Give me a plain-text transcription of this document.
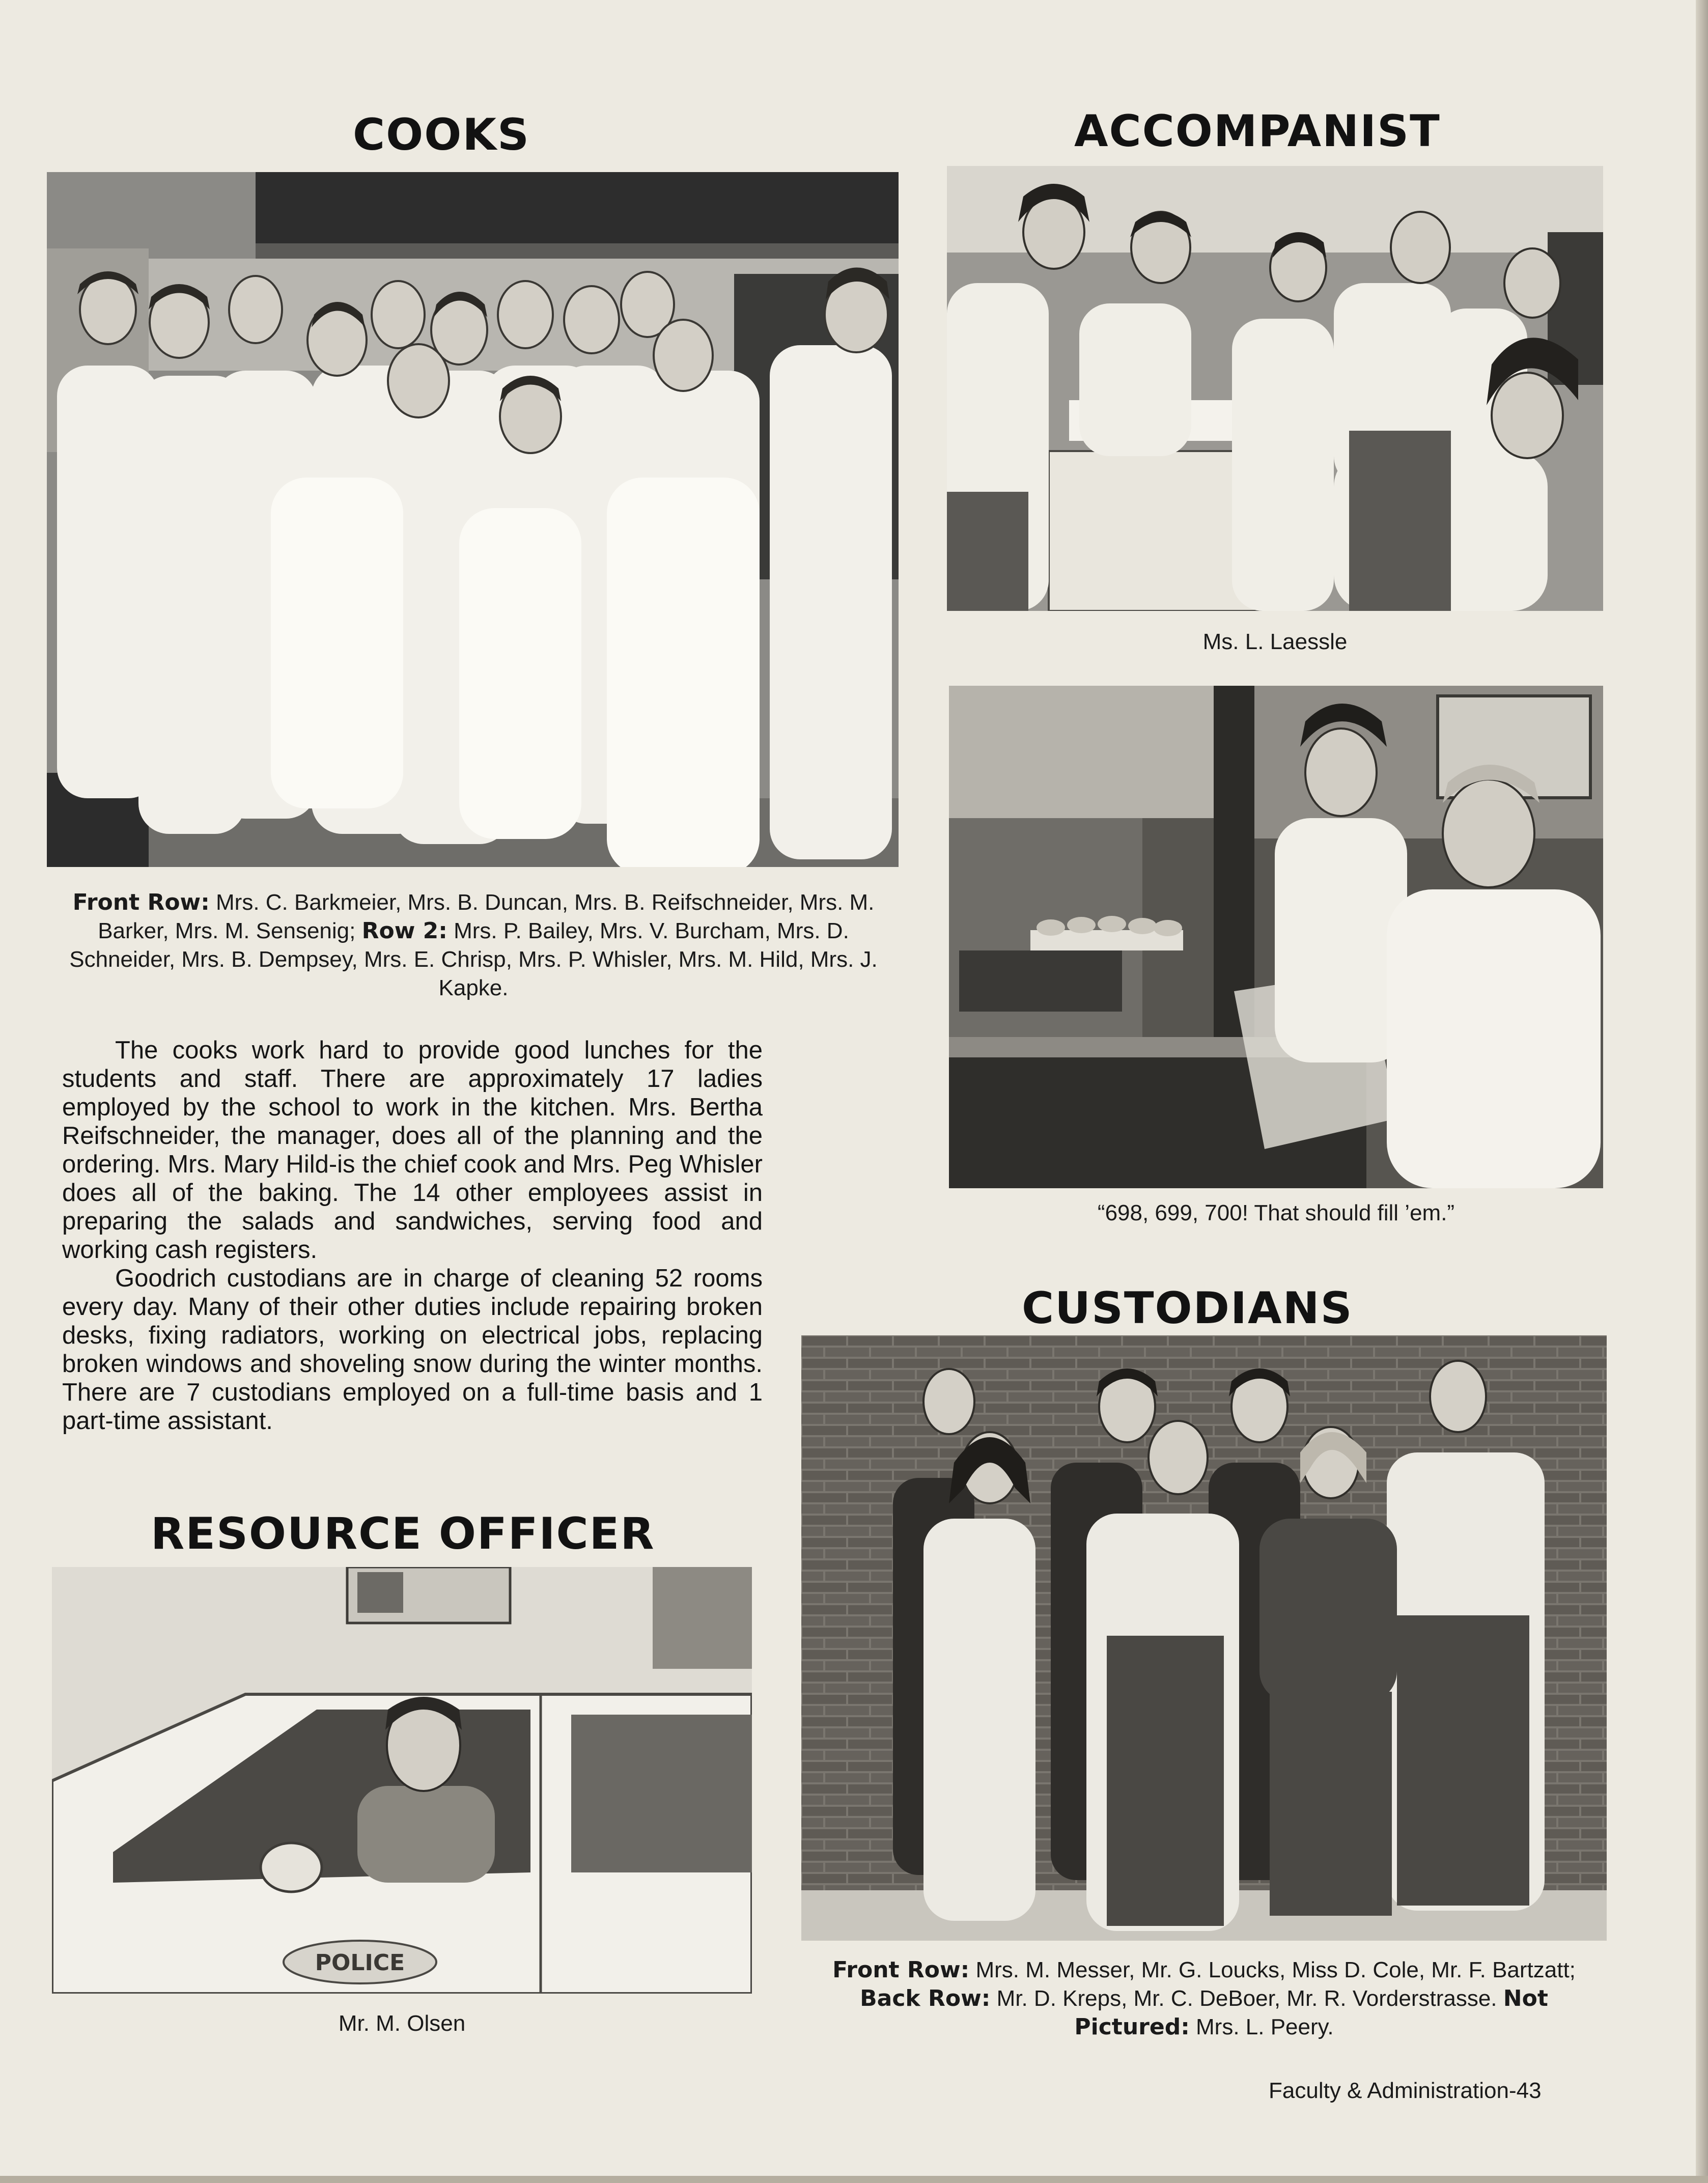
COOKS

Front Row: Mrs. C. Barkmeier, Mrs. B. Duncan, Mrs. B. Reifschneider, Mrs. M. Barker, Mrs. M. Sensenig; Row 2: Mrs. P. Bailey, Mrs. V. Burcham, Mrs. D. Schneider, Mrs. B. Dempsey, Mrs. E. Chrisp, Mrs. P. Whisler, Mrs. M. Hild, Mrs. J. Kapke.

The cooks work hard to provide good lunches for the students and staff. There are approximately 17 ladies employed by the school to work in the kitchen. Mrs. Bertha Reifschneider, the manager, does all of the planning and the ordering. Mrs. Mary Hild-is the chief cook and Mrs. Peg Whisler does all of the baking. The 14 other employees assist in preparing the salads and sandwiches, serving food and working cash registers.

Goodrich custodians are in charge of cleaning 52 rooms every day. Many of their other duties include repairing broken desks, fixing radiators, working on electrical jobs, replacing broken windows and shoveling snow during the winter months. There are 7 custodians employed on a full-time basis and 1 part-time assistant.

ACCOMPANIST

Ms. L. Laessle

“698, 699, 700! That should fill ’em.”

CUSTODIANS

Front Row: Mrs. M. Messer, Mr. G. Loucks, Miss D. Cole, Mr. F. Bartzatt; Back Row: Mr. D. Kreps, Mr. C. DeBoer, Mr. R. Vorderstrasse. Not Pictured: Mrs. L. Peery.

RESOURCE OFFICER
POLICE

Mr. M. Olsen

Faculty & Administration-43
